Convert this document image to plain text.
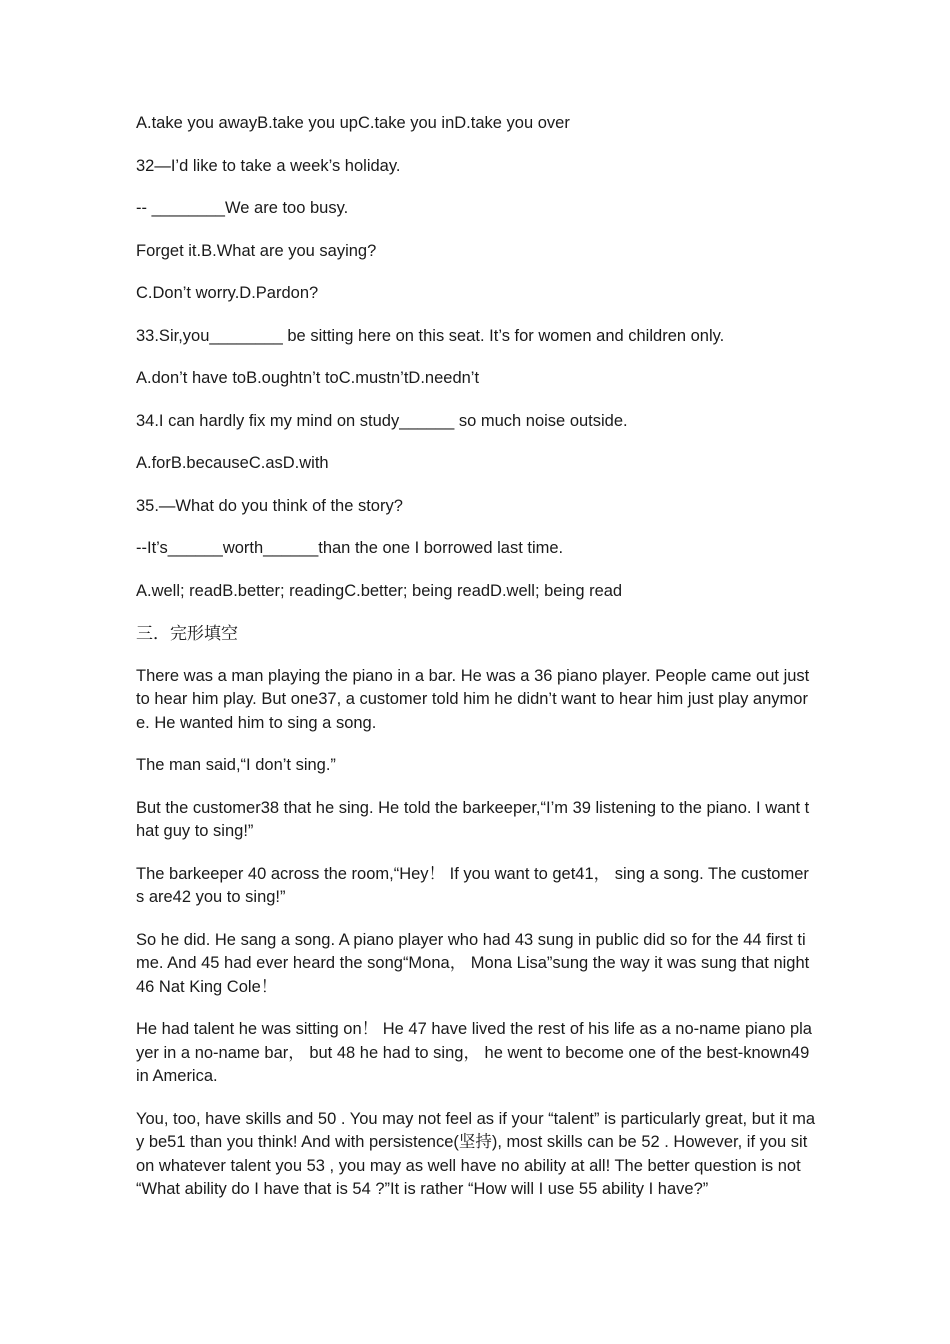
A.take you awayB.take you upC.take you inD.take you over
32—I’d like to take a week’s holiday.
-- ________We are too busy.
Forget it.B.What are you saying?
C.Don’t worry.D.Pardon?
33.Sir,you________ be sitting here on this seat. It’s for women and children only.
A.don’t have toB.oughtn’t toC.mustn’tD.needn’t
34.I can hardly fix my mind on study______ so much noise outside.
A.forB.becauseC.asD.with
35.—What do you think of the story?
--It’s______worth______than the one I borrowed last time.
A.well; readB.better; readingC.better; being readD.well; being read
三．完形填空
There was a man playing the piano in a bar. He was a 36 piano player. People came out just to hear him play. But one37, a customer told him he didn’t want to hear him just play anymore. He wanted him to sing a song.
The man said,“I don’t sing.”
But the customer38 that he sing. He told the barkeeper,“I’m 39 listening to the piano. I want that guy to sing!”
The barkeeper 40 across the room,“Hey！ If you want to get41， sing a song. The customers are42 you to sing!”
So he did. He sang a song. A piano player who had 43 sung in public did so for the 44 first time. And 45 had ever heard the song“Mona， Mona Lisa”sung the way it was sung that night 46 Nat King Cole！
He had talent he was sitting on！ He 47 have lived the rest of his life as a no-name piano player in a no-name bar， but 48 he had to sing， he went to become one of the best-known49 in America.
You, too, have skills and 50 . You may not feel as if your “talent” is particularly great, but it may be51 than you think! And with persistence(坚持), most skills can be 52 . However, if you sit on whatever talent you 53 , you may as well have no ability at all! The better question is not “What ability do I have that is 54 ?”It is rather “How will I use 55 ability I have?”
